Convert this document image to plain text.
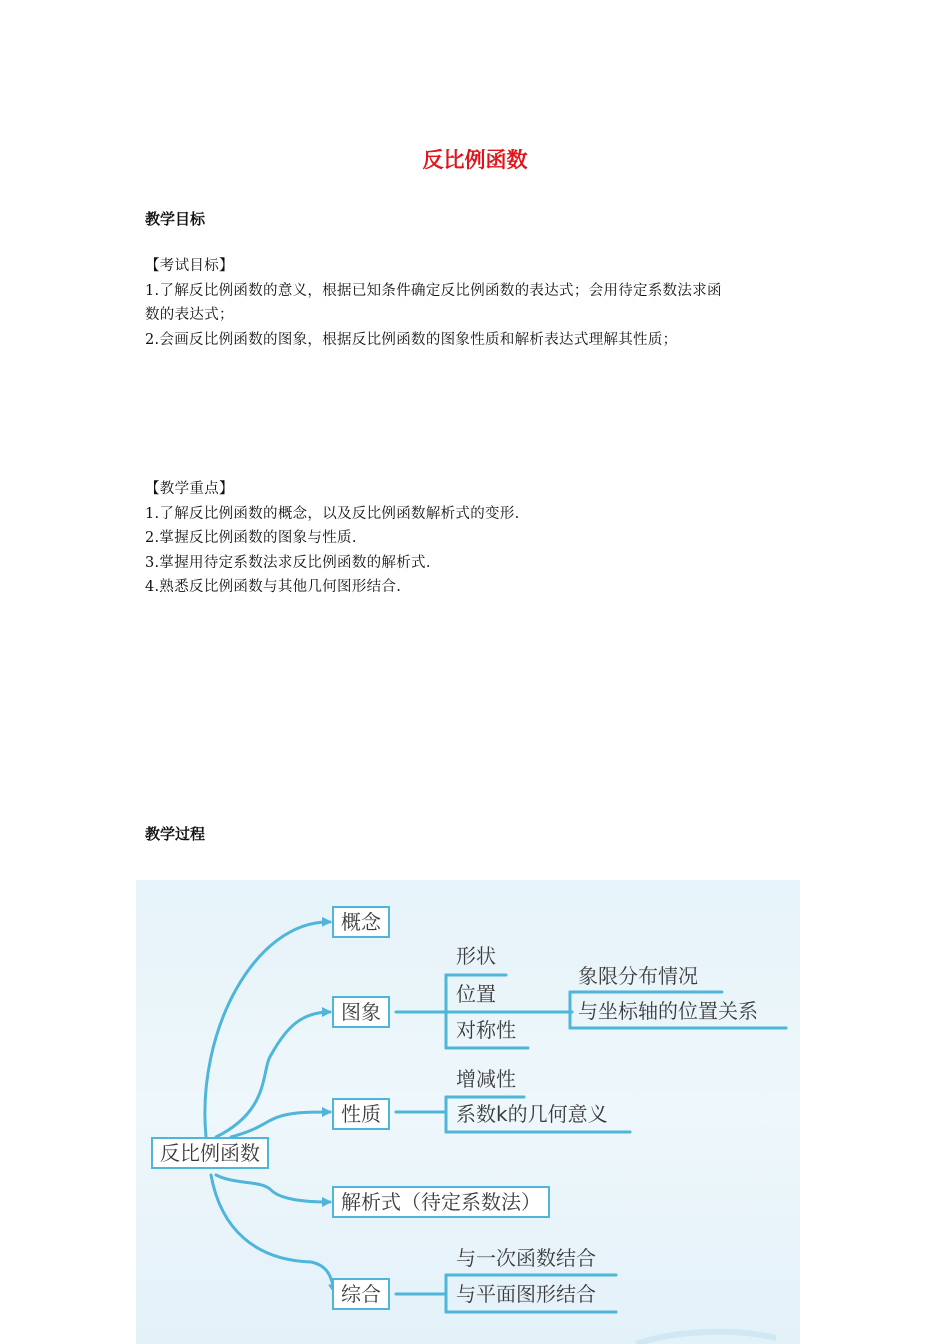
反比例函数
教学目标
【考试目标】
1.了解反比例函数的意义，根据已知条件确定反比例函数的表达式；会用待定系数法求函
数的表达式；
2.会画反比例函数的图象，根据反比例函数的图象性质和解析表达式理解其性质；
【教学重点】
1.了解反比例函数的概念，以及反比例函数解析式的变形.
2.掌握反比例函数的图象与性质.
3.掌握用待定系数法求反比例函数的解析式.
4.熟悉反比例函数与其他几何图形结合.
教学过程
反比例函数
概念
图象
性质
解析式（待定系数法）
综合
形状
位置
对称性
象限分布情况
与坐标轴的位置关系
增减性
系数k的几何意义
与一次函数结合
与平面图形结合
